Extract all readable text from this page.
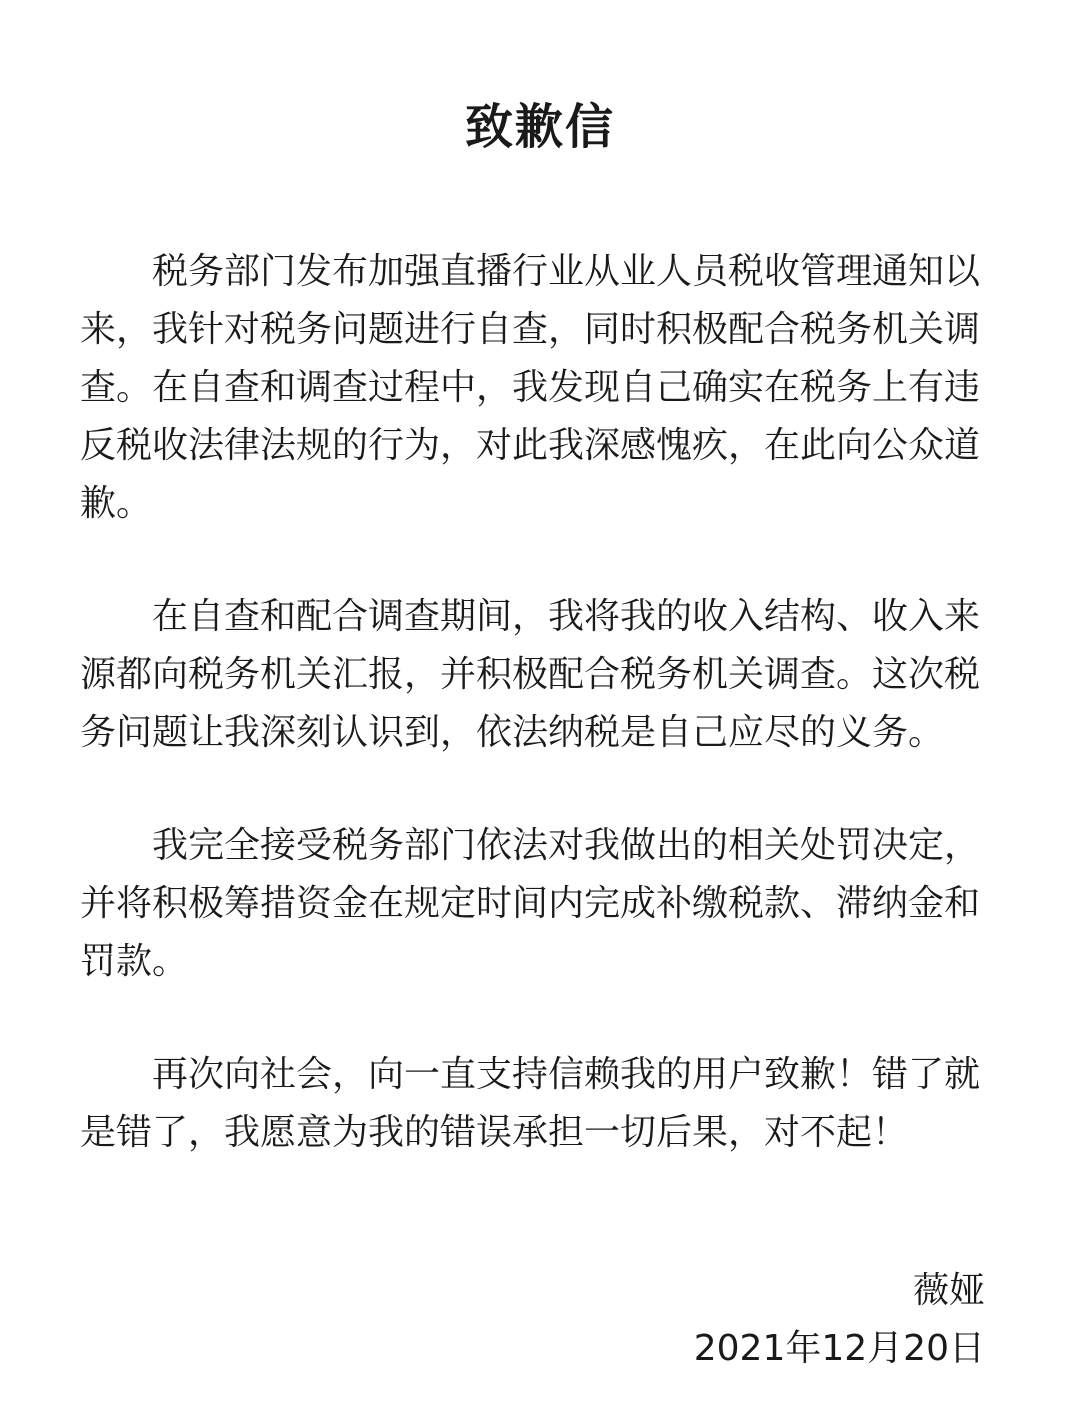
致歉信

税务部门发布加强直播行业从业人员税收管理通知以来，我针对税务问题进行自查，同时积极配合税务机关调查。在自查和调查过程中，我发现自己确实在税务上有违反税收法律法规的行为，对此我深感愧疚，在此向公众道歉。

在自查和配合调查期间，我将我的收入结构、收入来源都向税务机关汇报，并积极配合税务机关调查。这次税务问题让我深刻认识到，依法纳税是自己应尽的义务。

我完全接受税务部门依法对我做出的相关处罚决定，并将积极筹措资金在规定时间内完成补缴税款、滞纳金和罚款。

再次向社会，向一直支持信赖我的用户致歉！错了就是错了，我愿意为我的错误承担一切后果，对不起！

薇娅
2021年12月20日
